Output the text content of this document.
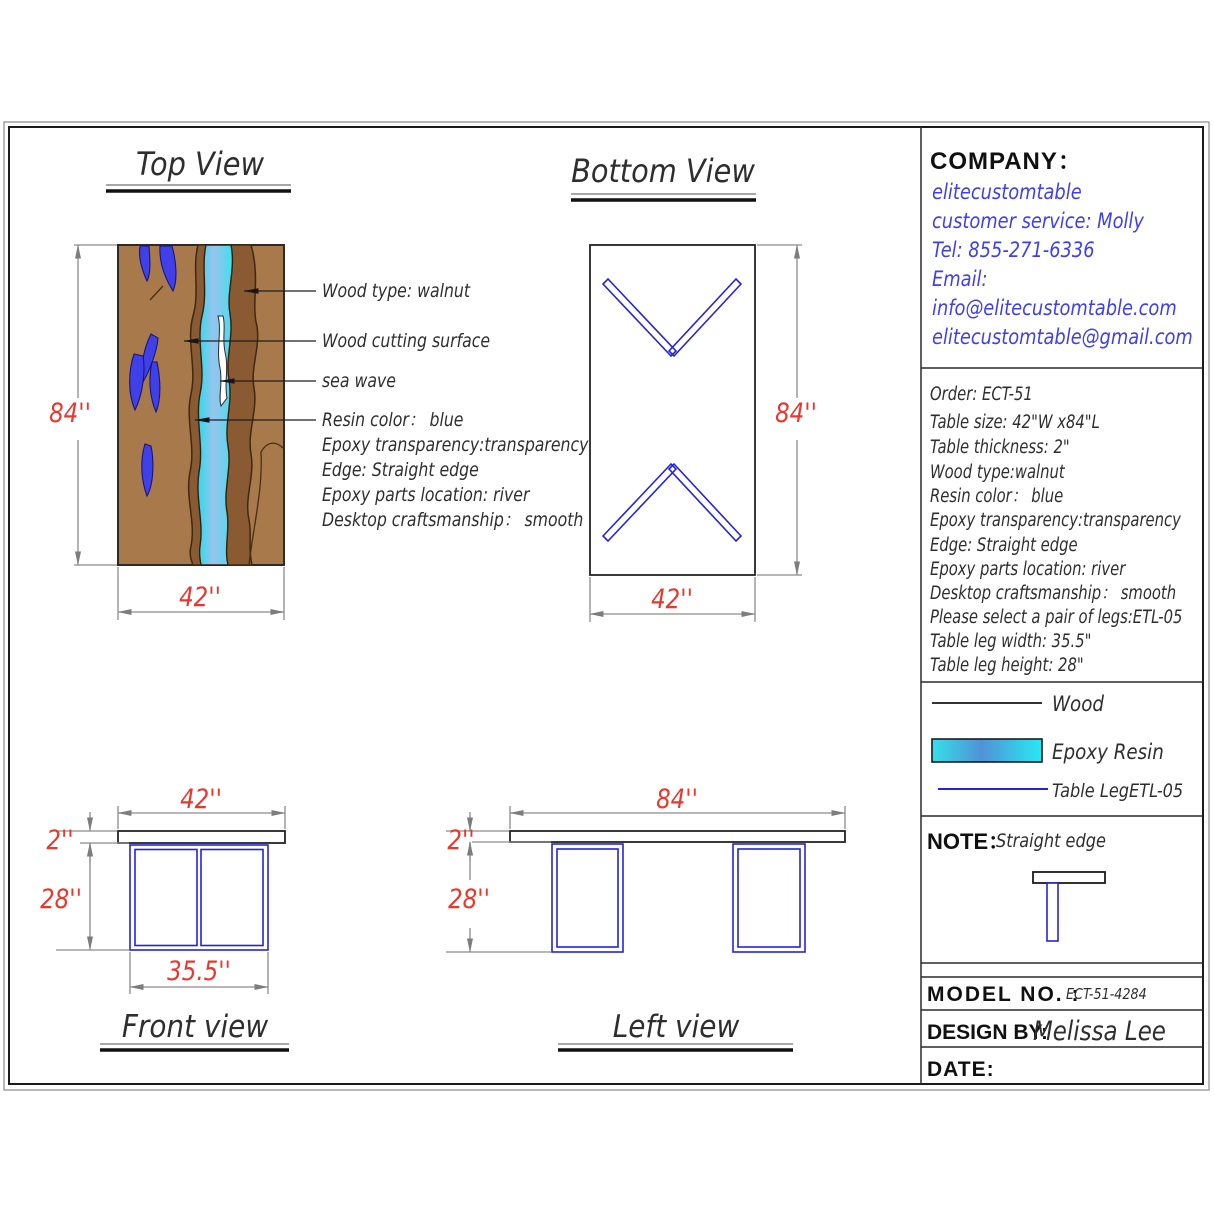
Top View
84''
42''
Wood type: walnut
Wood cutting surface
sea wave
Resin color： blue
Epoxy transparency:transparency
Edge: Straight edge
Epoxy parts location: river
Desktop craftsmanship： smooth
Bottom View
84''
42''
42''
2''
28''
35.5''
Front view
84''
2''
28''
Left view
COMPANY：
elitecustomtable
customer service: Molly
Tel: 855-271-6336
Email:
info@elitecustomtable.com
elitecustomtable@gmail.com
Order: ECT-51
Table size: 42"W x84"L
Table thickness: 2"
Wood type:walnut
Resin color： blue
Epoxy transparency:transparency
Edge: Straight edge
Epoxy parts location: river
Desktop craftsmanship： smooth
Please select a pair of legs:ETL-05
Table leg width: 35.5"
Table leg height: 28"
Wood
Epoxy Resin
Table LegETL-05
NOTE：
Straight edge
MODEL NO. :
ECT-51-4284
DESIGN BY:
Melissa Lee
DATE:
